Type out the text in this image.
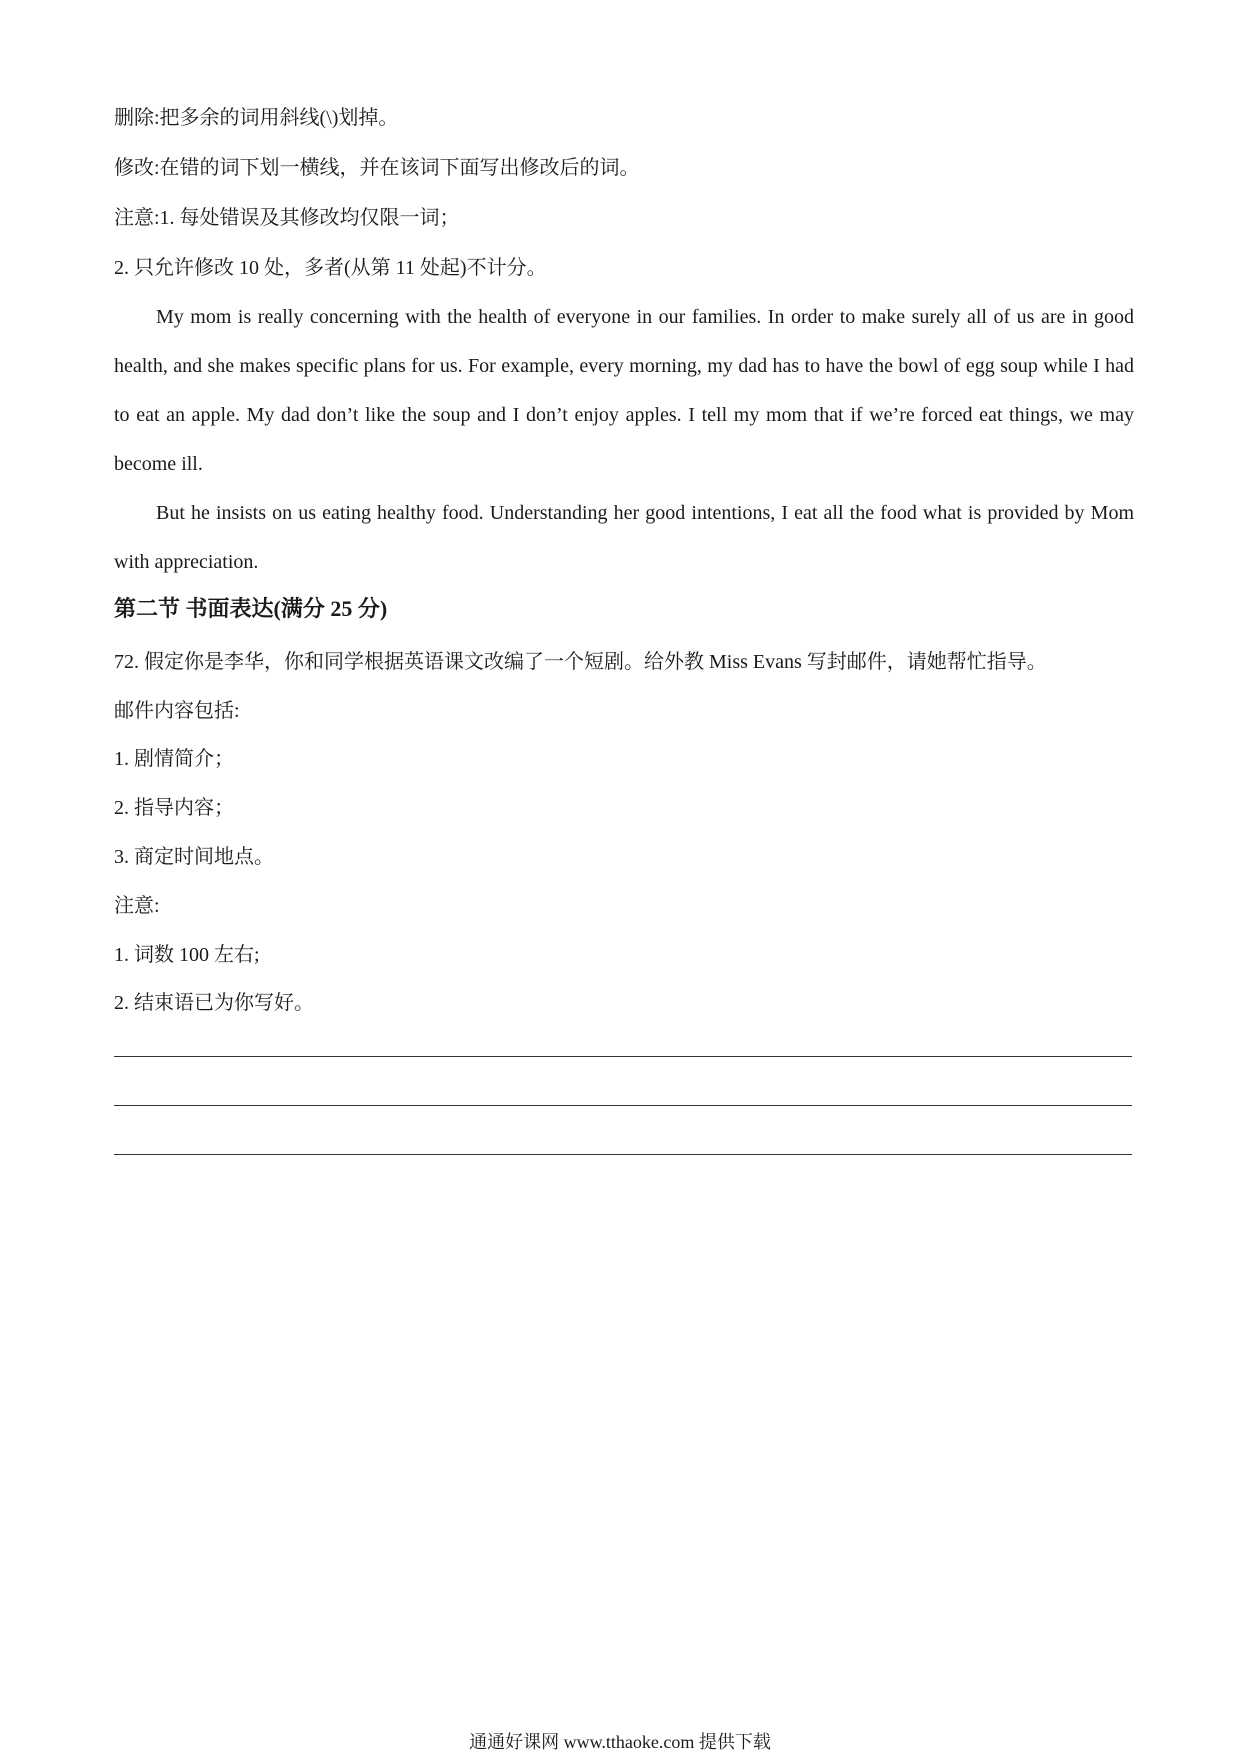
删除:把多余的词用斜线(\)划掉。
修改:在错的词下划一横线，并在该词下面写出修改后的词。
注意:1. 每处错误及其修改均仅限一词；
2. 只允许修改 10 处，多者(从第 11 处起)不计分。
My mom is really concerning with the health of everyone in our families. In order to make surely all of us are in good health, and she makes specific plans for us. For example, every morning, my dad has to have the bowl of egg soup while I had to eat an apple. My dad don’t like the soup and I don’t enjoy apples. I tell my mom that if we’re forced eat things, we may become ill.
But he insists on us eating healthy food. Understanding her good intentions, I eat all the food what is provided by Mom with appreciation.
第二节 书面表达(满分 25 分)
72. 假定你是李华，你和同学根据英语课文改编了一个短剧。给外教 Miss Evans 写封邮件，请她帮忙指导。
邮件内容包括:
1. 剧情简介；
2. 指导内容；
3. 商定时间地点。
注意:
1. 词数 100 左右;
2. 结束语已为你写好。
通通好课网 www.tthaoke.com 提供下载
